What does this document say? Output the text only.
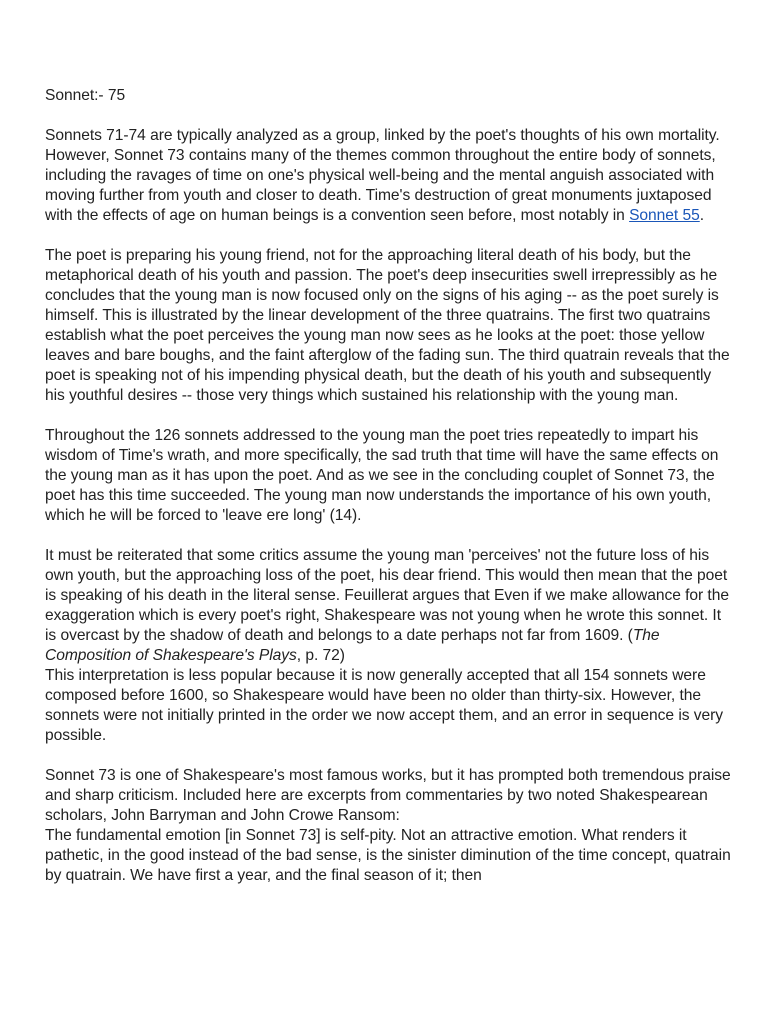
Sonnet:- 75

Sonnets 71-74 are typically analyzed as a group, linked by the poet's thoughts of his own mortality. However, Sonnet 73 contains many of the themes common throughout the entire body of sonnets, including the ravages of time on one's physical well-being and the mental anguish associated with moving further from youth and closer to death. Time's destruction of great monuments juxtaposed with the effects of age on human beings is a convention seen before, most notably in Sonnet 55.

The poet is preparing his young friend, not for the approaching literal death of his body, but the metaphorical death of his youth and passion. The poet's deep insecurities swell irrepressibly as he concludes that the young man is now focused only on the signs of his aging -- as the poet surely is himself. This is illustrated by the linear development of the three quatrains. The first two quatrains establish what the poet perceives the young man now sees as he looks at the poet: those yellow leaves and bare boughs, and the faint afterglow of the fading sun. The third quatrain reveals that the poet is speaking not of his impending physical death, but the death of his youth and subsequently his youthful desires -- those very things which sustained his relationship with the young man.

Throughout the 126 sonnets addressed to the young man the poet tries repeatedly to impart his wisdom of Time's wrath, and more specifically, the sad truth that time will have the same effects on the young man as it has upon the poet. And as we see in the concluding couplet of Sonnet 73, the poet has this time succeeded. The young man now understands the importance of his own youth, which he will be forced to 'leave ere long' (14).

It must be reiterated that some critics assume the young man 'perceives' not the future loss of his own youth, but the approaching loss of the poet, his dear friend. This would then mean that the poet is speaking of his death in the literal sense. Feuillerat argues that Even if we make allowance for the exaggeration which is every poet's right, Shakespeare was not young when he wrote this sonnet. It is overcast by the shadow of death and belongs to a date perhaps not far from 1609. (The Composition of Shakespeare's Plays, p. 72)

This interpretation is less popular because it is now generally accepted that all 154 sonnets were composed before 1600, so Shakespeare would have been no older than thirty-six. However, the sonnets were not initially printed in the order we now accept them, and an error in sequence is very possible.

Sonnet 73 is one of Shakespeare's most famous works, but it has prompted both tremendous praise and sharp criticism. Included here are excerpts from commentaries by two noted Shakespearean scholars, John Barryman and John Crowe Ransom:

The fundamental emotion [in Sonnet 73] is self-pity. Not an attractive emotion. What renders it pathetic, in the good instead of the bad sense, is the sinister diminution of the time concept, quatrain by quatrain. We have first a year, and the final season of it; then
